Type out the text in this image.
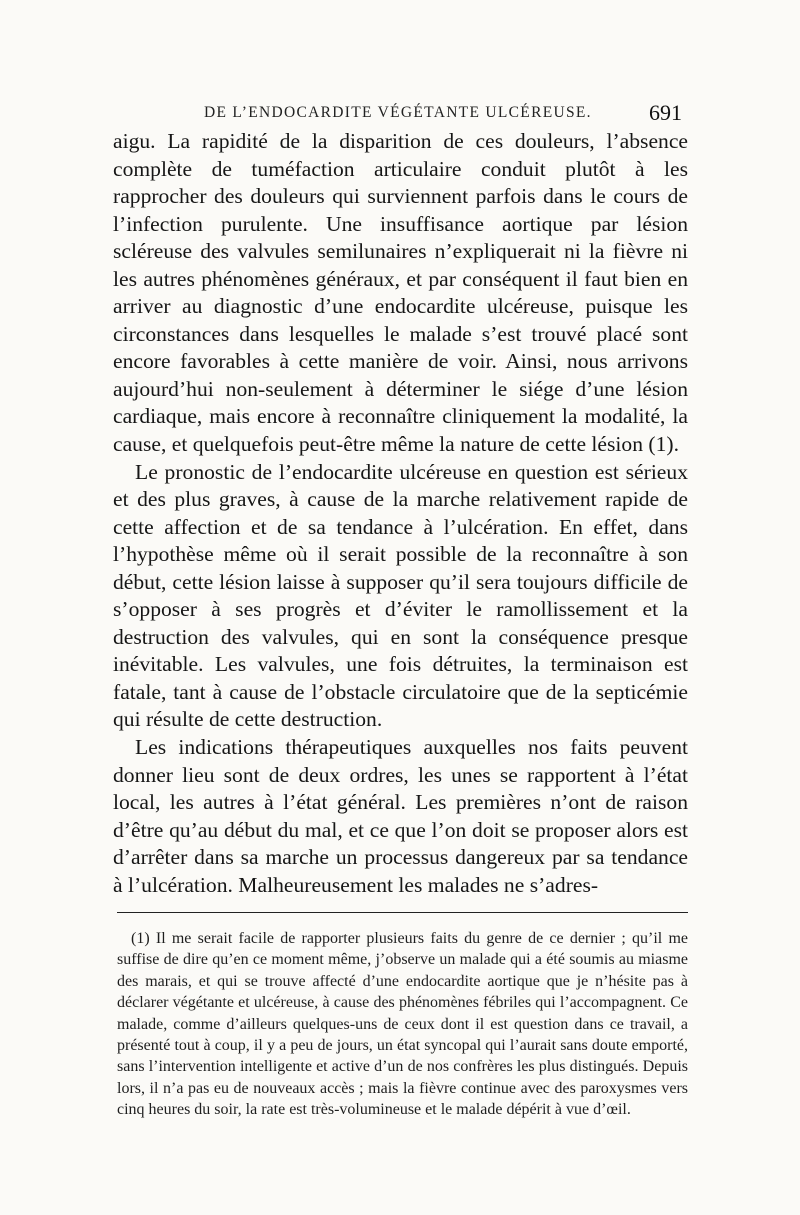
DE L’ENDOCARDITE VÉGÉTANTE ULCÉREUSE.	691

aigu. La rapidité de la disparition de ces douleurs, l’absence complète de tuméfaction articulaire conduit plutôt à les rapprocher des douleurs qui surviennent parfois dans le cours de l’infection purulente. Une insuffisance aortique par lésion scléreuse des valvules semilunaires n’expliquerait ni la fièvre ni les autres phénomènes généraux, et par conséquent il faut bien en arriver au diagnostic d’une endocardite ulcéreuse, puisque les circonstances dans lesquelles le malade s’est trouvé placé sont encore favorables à cette manière de voir. Ainsi, nous arrivons aujourd’hui non-seulement à déterminer le siége d’une lésion cardiaque, mais encore à reconnaître cliniquement la modalité, la cause, et quelquefois peut-être même la nature de cette lésion (1).

Le pronostic de l’endocardite ulcéreuse en question est sérieux et des plus graves, à cause de la marche relativement rapide de cette affection et de sa tendance à l’ulcération. En effet, dans l’hypothèse même où il serait possible de la reconnaître à son début, cette lésion laisse à supposer qu’il sera toujours difficile de s’opposer à ses progrès et d’éviter le ramollissement et la destruction des valvules, qui en sont la conséquence presque inévitable. Les valvules, une fois détruites, la terminaison est fatale, tant à cause de l’obstacle circulatoire que de la septicémie qui résulte de cette destruction.

Les indications thérapeutiques auxquelles nos faits peuvent donner lieu sont de deux ordres, les unes se rapportent à l’état local, les autres à l’état général. Les premières n’ont de raison d’être qu’au début du mal, et ce que l’on doit se proposer alors est d’arrêter dans sa marche un processus dangereux par sa tendance à l’ulcération. Malheureusement les malades ne s’adres-

(1) Il me serait facile de rapporter plusieurs faits du genre de ce dernier ; qu’il me suffise de dire qu’en ce moment même, j’observe un malade qui a été soumis au miasme des marais, et qui se trouve affecté d’une endocardite aortique que je n’hésite pas à déclarer végétante et ulcéreuse, à cause des phénomènes fébriles qui l’accompagnent. Ce malade, comme d’ailleurs quelques-uns de ceux dont il est question dans ce travail, a présenté tout à coup, il y a peu de jours, un état syncopal qui l’aurait sans doute emporté, sans l’intervention intelligente et active d’un de nos confrères les plus distingués. Depuis lors, il n’a pas eu de nouveaux accès ; mais la fièvre continue avec des paroxysmes vers cinq heures du soir, la rate est très-volumineuse et le malade dépérit à vue d’œil.
